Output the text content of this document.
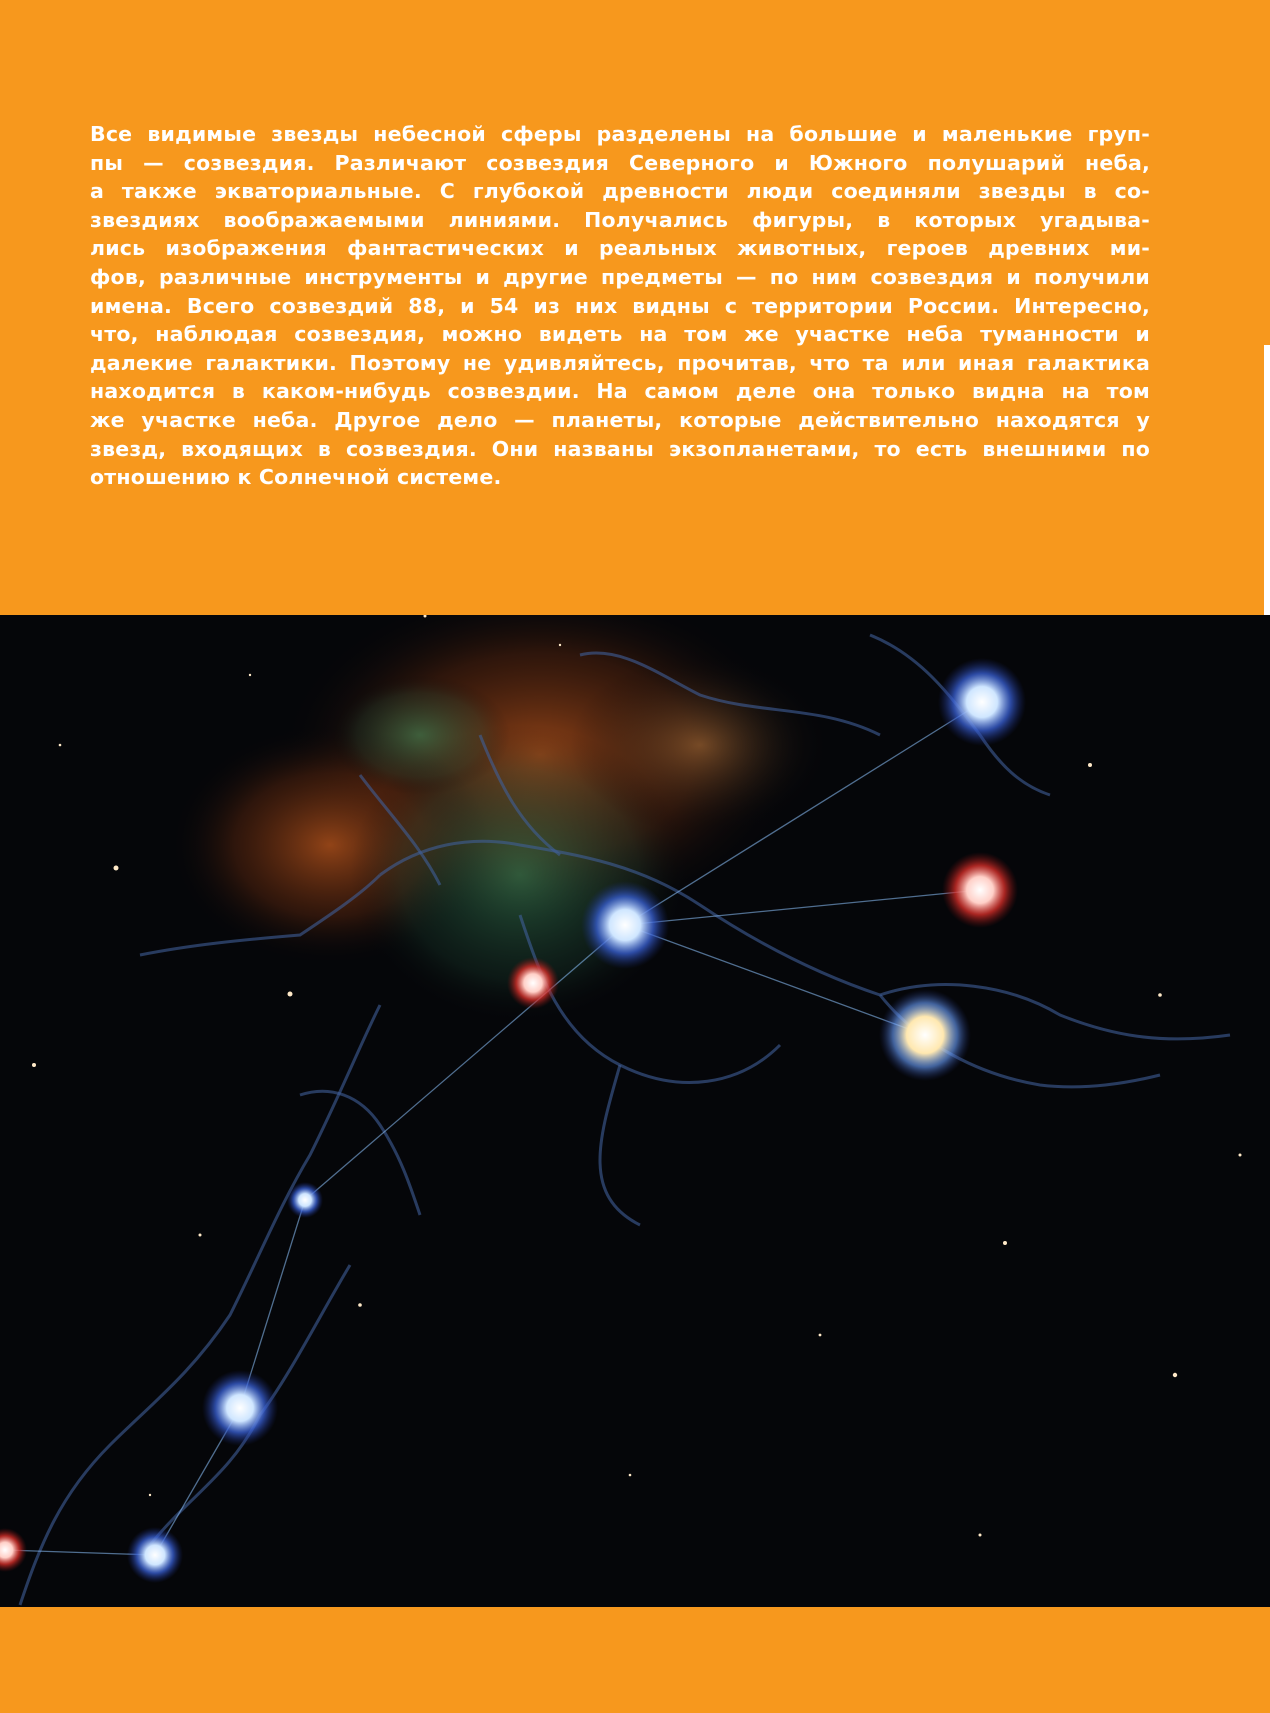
Все видимые звезды небесной сферы разделены на большие и маленькие груп-
пы — созвездия. Различают созвездия Северного и Южного полушарий неба,
а также экваториальные. С глубокой древности люди соединяли звезды в со-
звездиях воображаемыми линиями. Получались фигуры, в которых угадыва-
лись изображения фантастических и реальных животных, героев древних ми-
фов, различные инструменты и другие предметы — по ним созвездия и получили
имена. Всего созвездий 88, и 54 из них видны с территории России. Интересно,
что, наблюдая созвездия, можно видеть на том же участке неба туманности и
далекие галактики. Поэтому не удивляйтесь, прочитав, что та или иная галактика
находится в каком-нибудь созвездии. На самом деле она только видна на том
же участке неба. Другое дело — планеты, которые действительно находятся у
звезд, входящих в созвездия. Они названы экзопланетами, то есть внешними по
отношению к Солнечной системе.
